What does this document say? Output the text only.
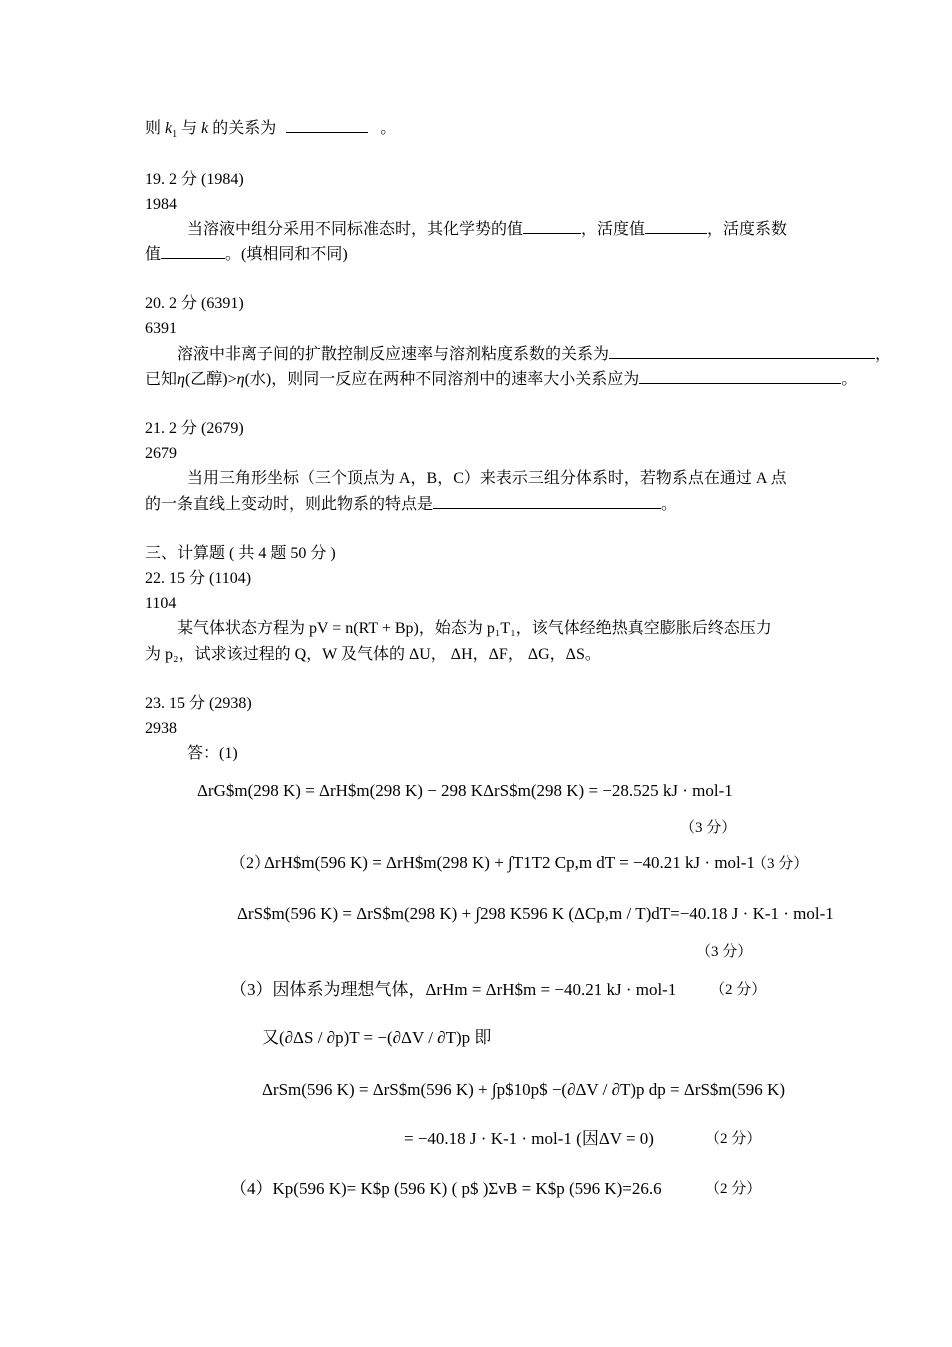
则 $k_1$ 与 k 的关系为	。
19. 2 分 (1984)
1984
当溶液中组分采用不同标准态时，其化学势的值	，活度值	，活度系数
值	。(填相同和不同)
20. 2 分 (6391)
6391
溶液中非离子间的扩散控制反应速率与溶剂粘度系数的关系为	，
已知η(乙醇)>η(水)，则同一反应在两种不同溶剂中的速率大小关系应为	。
21. 2 分 (2679)
2679
当用三角形坐标（三个顶点为 A，B，C）来表示三组分体系时，若物系点在通过 A 点
的一条直线上变动时，则此物系的特点是	。
三、计算题 ( 共 4 题 50 分 )
22. 15 分 (1104)
1104
某气体状态方程为 pV = n(RT + Bp)，始态为 p₁T₁，该气体经绝热真空膨胀后终态压力
为 p₂，试求该过程的 Q，W 及气体的 ΔU， ΔH，ΔF， ΔG，ΔS。
23. 15 分 (2938)
2938
答：(1)
ΔrG$m(298 K) = ΔrH$m(298 K) − 298 KΔrS$m(298 K) = −28.525 kJ · mol-1
（3 分）
（2）
ΔrH$m(596 K) = ΔrH$m(298 K) + ∫T1T2 Cp,m dT = −40.21 kJ · mol-1
（3 分）
ΔrS$m(596 K) = ΔrS$m(298 K) + ∫298 K596 K (ΔCp,m / T)dT=−40.18 J · K-1 · mol-1
（3 分）
（3）因体系为理想气体，ΔrHm = ΔrH$m = −40.21 kJ · mol-1 （2 分）
又(∂ΔS / ∂p)T = −(∂ΔV / ∂T)p 即
ΔrSm(596 K) = ΔrS$m(596 K) + ∫p$10p$ −(∂ΔV / ∂T)p dp = ΔrS$m(596 K)
= −40.18 J · K-1 · mol-1 (因ΔV = 0)	（2 分）
（4）Kp(596 K)= K$p (596 K) ( p$ )ΣνB = K$p (596 K)=26.6	（2 分）
